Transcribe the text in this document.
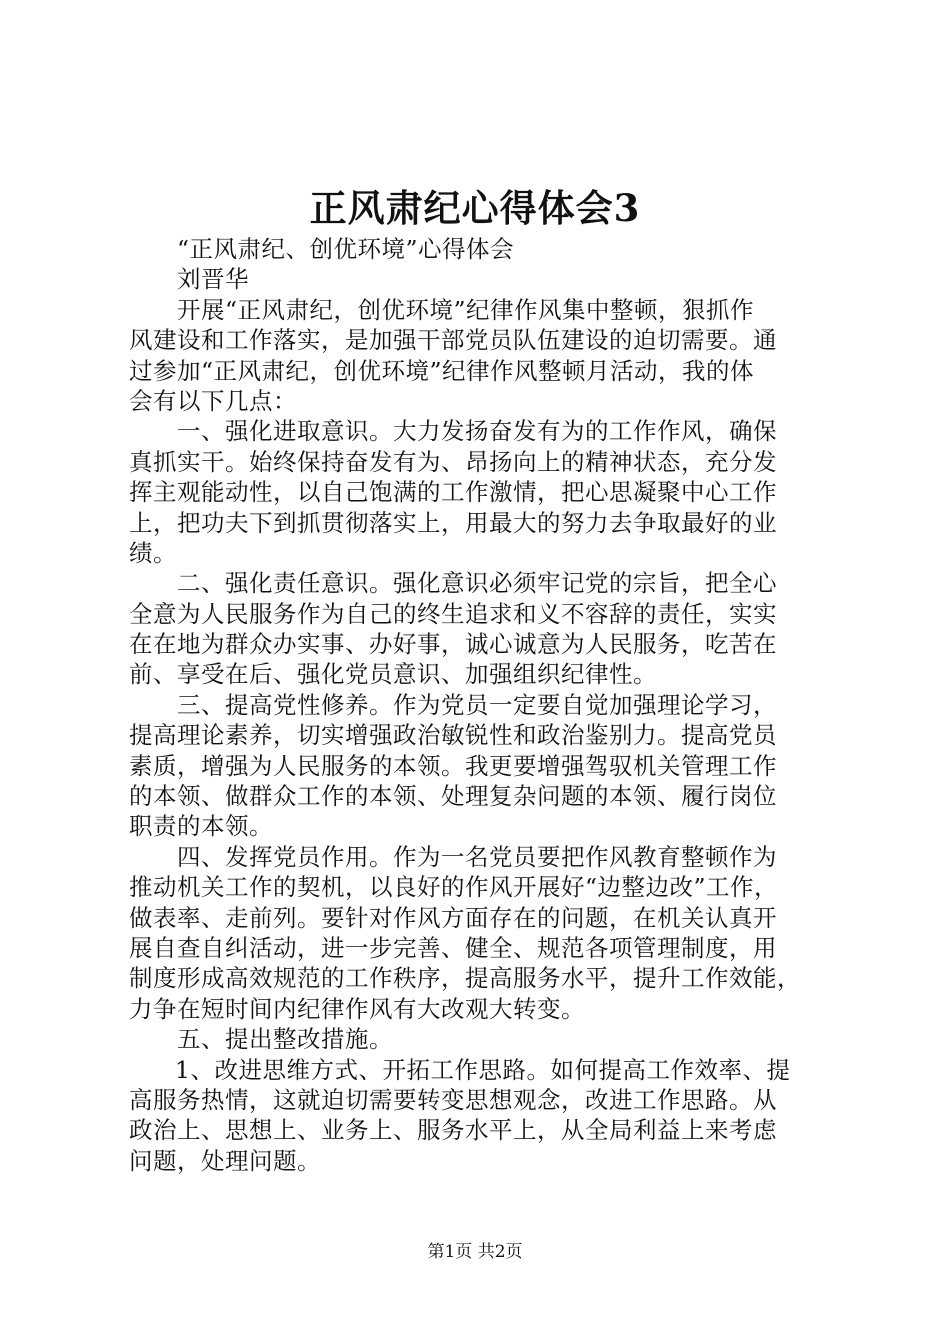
正风肃纪心得体会3
“正风肃纪、创优环境”心得体会
刘晋华
开展“正风肃纪，创优环境”纪律作风集中整顿，狠抓作
风建设和工作落实，是加强干部党员队伍建设的迫切需要。通
过参加“正风肃纪，创优环境”纪律作风整顿月活动，我的体
会有以下几点：
一、强化进取意识。大力发扬奋发有为的工作作风，确保
真抓实干。始终保持奋发有为、昂扬向上的精神状态，充分发
挥主观能动性，以自己饱满的工作激情，把心思凝聚中心工作
上，把功夫下到抓贯彻落实上，用最大的努力去争取最好的业
绩。
二、强化责任意识。强化意识必须牢记党的宗旨，把全心
全意为人民服务作为自己的终生追求和义不容辞的责任，实实
在在地为群众办实事、办好事，诚心诚意为人民服务，吃苦在
前、享受在后、强化党员意识、加强组织纪律性。
三、提高党性修养。作为党员一定要自觉加强理论学习，
提高理论素养，切实增强政治敏锐性和政治鉴别力。提高党员
素质，增强为人民服务的本领。我更要增强驾驭机关管理工作
的本领、做群众工作的本领、处理复杂问题的本领、履行岗位
职责的本领。
四、发挥党员作用。作为一名党员要把作风教育整顿作为
推动机关工作的契机，以良好的作风开展好“边整边改”工作，
做表率、走前列。要针对作风方面存在的问题，在机关认真开
展自查自纠活动，进一步完善、健全、规范各项管理制度，用
制度形成高效规范的工作秩序，提高服务水平，提升工作效能，
力争在短时间内纪律作风有大改观大转变。
五、提出整改措施。
1、改进思维方式、开拓工作思路。如何提高工作效率、提
高服务热情，这就迫切需要转变思想观念，改进工作思路。从
政治上、思想上、业务上、服务水平上，从全局利益上来考虑
问题，处理问题。
第1页 共2页
